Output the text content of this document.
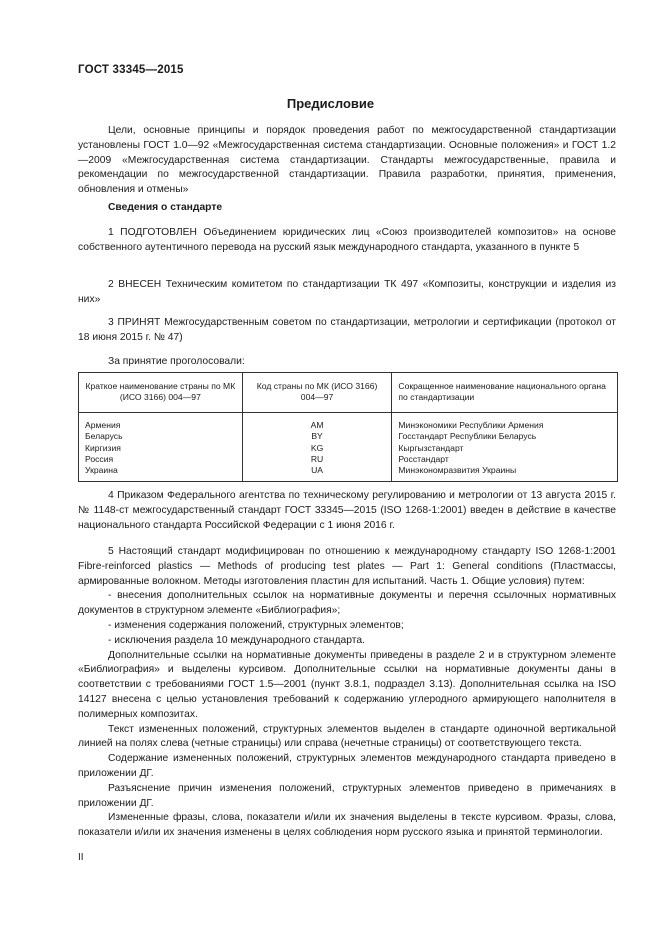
ГОСТ 33345—2015
Предисловие

Цели, основные принципы и порядок проведения работ по межгосударственной стандартизации установлены ГОСТ 1.0—92 «Межгосударственная система стандартизации. Основные положения» и ГОСТ 1.2—2009 «Межгосударственная система стандартизации. Стандарты межгосударственные, правила и рекомендации по межгосударственной стандартизации. Правила разработки, принятия, применения, обновления и отмены»

Сведения о стандарте

1 ПОДГОТОВЛЕН Объединением юридических лиц «Союз производителей композитов» на основе собственного аутентичного перевода на русский язык международного стандарта, указанного в пункте 5

2 ВНЕСЕН Техническим комитетом по стандартизации ТК 497 «Композиты, конструкции и изделия из них»

3 ПРИНЯТ Межгосударственным советом по стандартизации, метрологии и сертификации (протокол от 18 июня 2015 г. № 47)

За принятие проголосовали:

Краткое наименование страны по МК (ИСО 3166) 004—97	Код страны по МК (ИСО 3166) 004—97	Сокращенное наименование национального органа по стандартизации
Армения	AM	Минэкономики Республики Армения
Беларусь	BY	Госстандарт Республики Беларусь
Киргизия	KG	Кыргызстандарт
Россия	RU	Росстандарт
Украина	UA	Минэкономразвития Украины

4 Приказом Федерального агентства по техническому регулированию и метрологии от 13 августа 2015 г. № 1148-ст межгосударственный стандарт ГОСТ 33345—2015 (ISO 1268-1:2001) введен в действие в качестве национального стандарта Российской Федерации с 1 июня 2016 г.

5 Настоящий стандарт модифицирован по отношению к международному стандарту ISO 1268-1:2001 Fibre-reinforced plastics — Methods of producing test plates — Part 1: General conditions (Пластмассы, армированные волокном. Методы изготовления пластин для испытаний. Часть 1. Общие условия) путем:

- внесения дополнительных ссылок на нормативные документы и перечня ссылочных нормативных документов в структурном элементе «Библиография»;

- изменения содержания положений, структурных элементов;

- исключения раздела 10 международного стандарта.

Дополнительные ссылки на нормативные документы приведены в разделе 2 и в структурном элементе «Библиография» и выделены курсивом. Дополнительные ссылки на нормативные документы даны в соответствии с требованиями ГОСТ 1.5—2001 (пункт 3.8.1, подраздел 3.13). Дополнительная ссылка на ISO 14127 внесена с целью установления требований к содержанию углеродного армирующего наполнителя в полимерных композитах.

Текст измененных положений, структурных элементов выделен в стандарте одиночной вертикальной линией на полях слева (четные страницы) или справа (нечетные страницы) от соответствующего текста.

Содержание измененных положений, структурных элементов международного стандарта приведено в приложении ДГ.

Разъяснение причин изменения положений, структурных элементов приведено в примечаниях в приложении ДГ.

Измененные фразы, слова, показатели и/или их значения выделены в тексте курсивом. Фразы, слова, показатели и/или их значения изменены в целях соблюдения норм русского языка и принятой терминологии.

II
